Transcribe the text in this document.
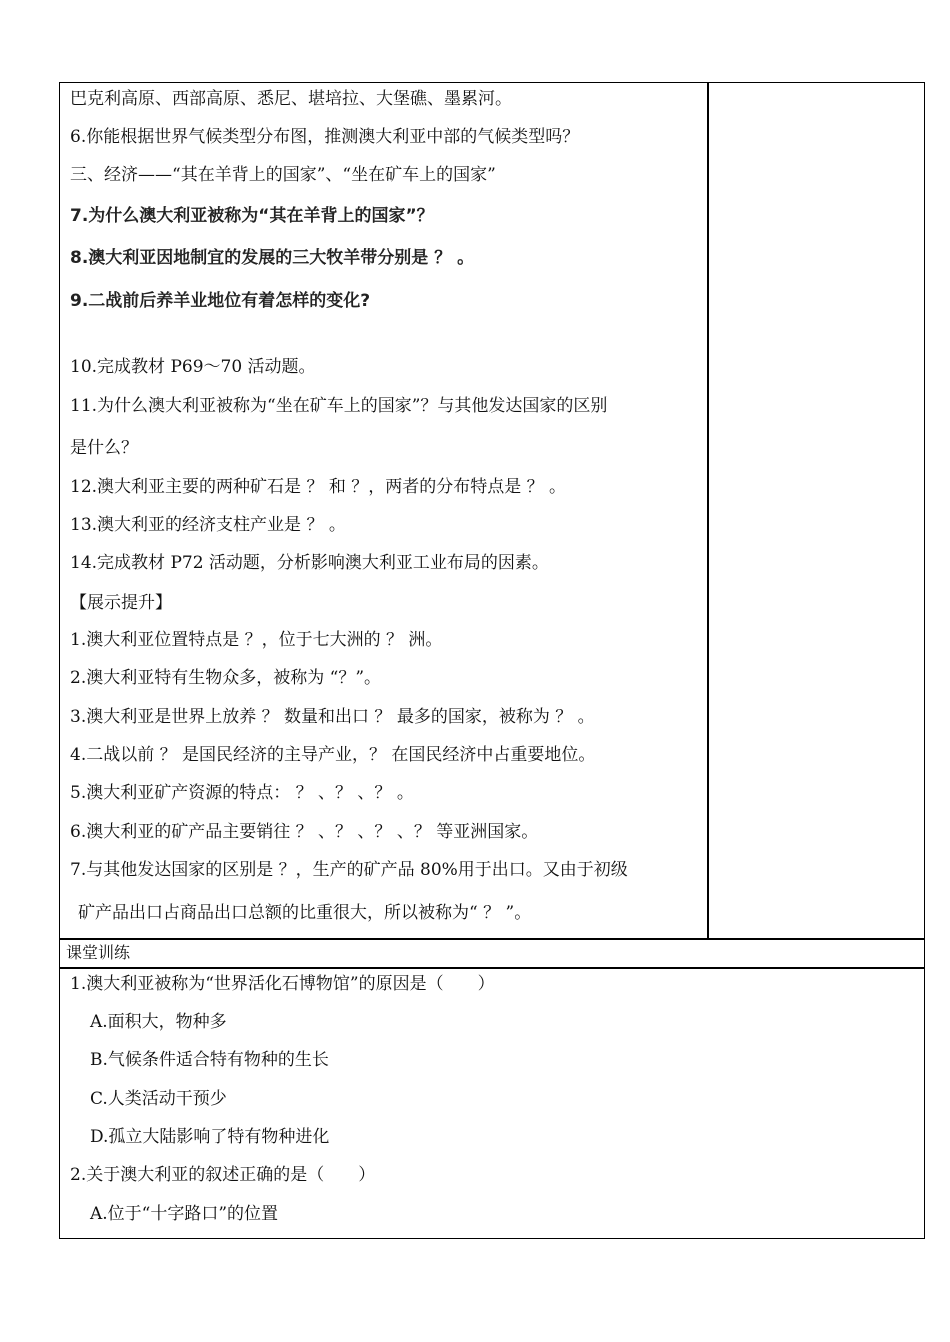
巴克利高原、西部高原、悉尼、堪培拉、大堡礁、墨累河。
6.你能根据世界气候类型分布图，推测澳大利亚中部的气候类型吗？
三、经济——“其在羊背上的国家”、“坐在矿车上的国家”
7.为什么澳大利亚被称为“其在羊背上的国家”？
8.澳大利亚因地制宜的发展的三大牧羊带分别是 ？ 。
9.二战前后养羊业地位有着怎样的变化?
10.完成教材 P69～70 活动题。
11.为什么澳大利亚被称为“坐在矿车上的国家”？与其他发达国家的区别
是什么？
12.澳大利亚主要的两种矿石是 ？ 和 ？，两者的分布特点是 ？ 。
13.澳大利亚的经济支柱产业是 ？ 。
14.完成教材 P72 活动题，分析影响澳大利亚工业布局的因素。
【展示提升】
1.澳大利亚位置特点是 ？，位于七大洲的 ？ 洲。
2.澳大利亚特有生物众多，被称为 “？”。
3.澳大利亚是世界上放养 ？ 数量和出口 ？ 最多的国家，被称为 ？ 。
4.二战以前 ？ 是国民经济的主导产业，？ 在国民经济中占重要地位。
5.澳大利亚矿产资源的特点： ？ 、？ 、？ 。
6.澳大利亚的矿产品主要销往 ？ 、？ 、？ 、？ 等亚洲国家。
7.与其他发达国家的区别是 ？，生产的矿产品 80%用于出口。又由于初级
矿产品出口占商品出口总额的比重很大，所以被称为“ ？ ”。
课堂训练
1.澳大利亚被称为“世界活化石博物馆”的原因是（　　）
A.面积大，物种多
B.气候条件适合特有物种的生长
C.人类活动干预少
D.孤立大陆影响了特有物种进化
2.关于澳大利亚的叙述正确的是（　　）
A.位于“十字路口”的位置
